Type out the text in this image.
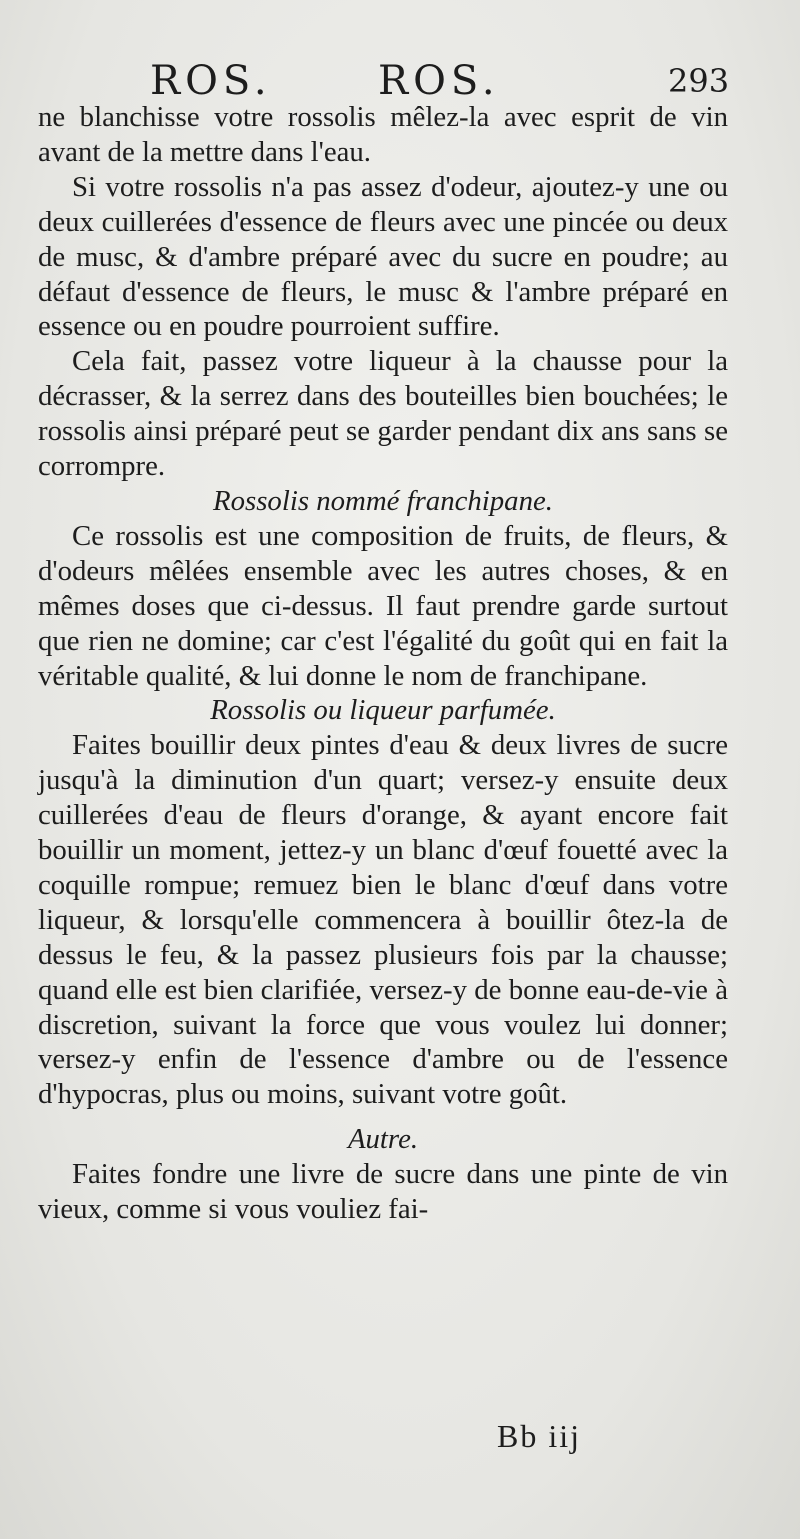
ROS.	ROS.	293

ne blanchisse votre rossolis mêlez-la avec esprit de vin avant de la mettre dans l'eau.

Si votre rossolis n'a pas assez d'odeur, ajoutez-y une ou deux cuillerées d'essence de fleurs avec une pincée ou deux de musc, & d'ambre préparé avec du sucre en poudre; au défaut d'essence de fleurs, le musc & l'ambre préparé en essence ou en poudre pourroient suffire.

Cela fait, passez votre liqueur à la chausse pour la décrasser, & la serrez dans des bouteilles bien bouchées; le rossolis ainsi préparé peut se garder pendant dix ans sans se corrompre.

Rossolis nommé franchipane.

Ce rossolis est une composition de fruits, de fleurs, & d'odeurs mêlées ensemble avec les autres choses, & en mêmes doses que ci-dessus. Il faut prendre garde surtout que rien ne domine; car c'est l'égalité du goût qui en fait la véritable qualité, & lui donne le nom de franchipane.

Rossolis ou liqueur parfumée.

Faites bouillir deux pintes d'eau & deux livres de sucre jusqu'à la diminution d'un quart; versez-y ensuite deux cuillerées d'eau de fleurs d'orange, & ayant encore fait bouillir un moment, jettez-y un blanc d'œuf fouetté avec la coquille rompue; remuez bien le blanc d'œuf dans votre liqueur, & lorsqu'elle commencera à bouillir ôtez-la de dessus le feu, & la passez plusieurs fois par la chausse; quand elle est bien clarifiée, versez-y de bonne eau-de-vie à discretion, suivant la force que vous voulez lui donner; versez-y enfin de l'essence d'ambre ou de l'essence d'hypocras, plus ou moins, suivant votre goût.

Autre.

Faites fondre une livre de sucre dans une pinte de vin vieux, comme si vous vouliez fai-

Bb iij
